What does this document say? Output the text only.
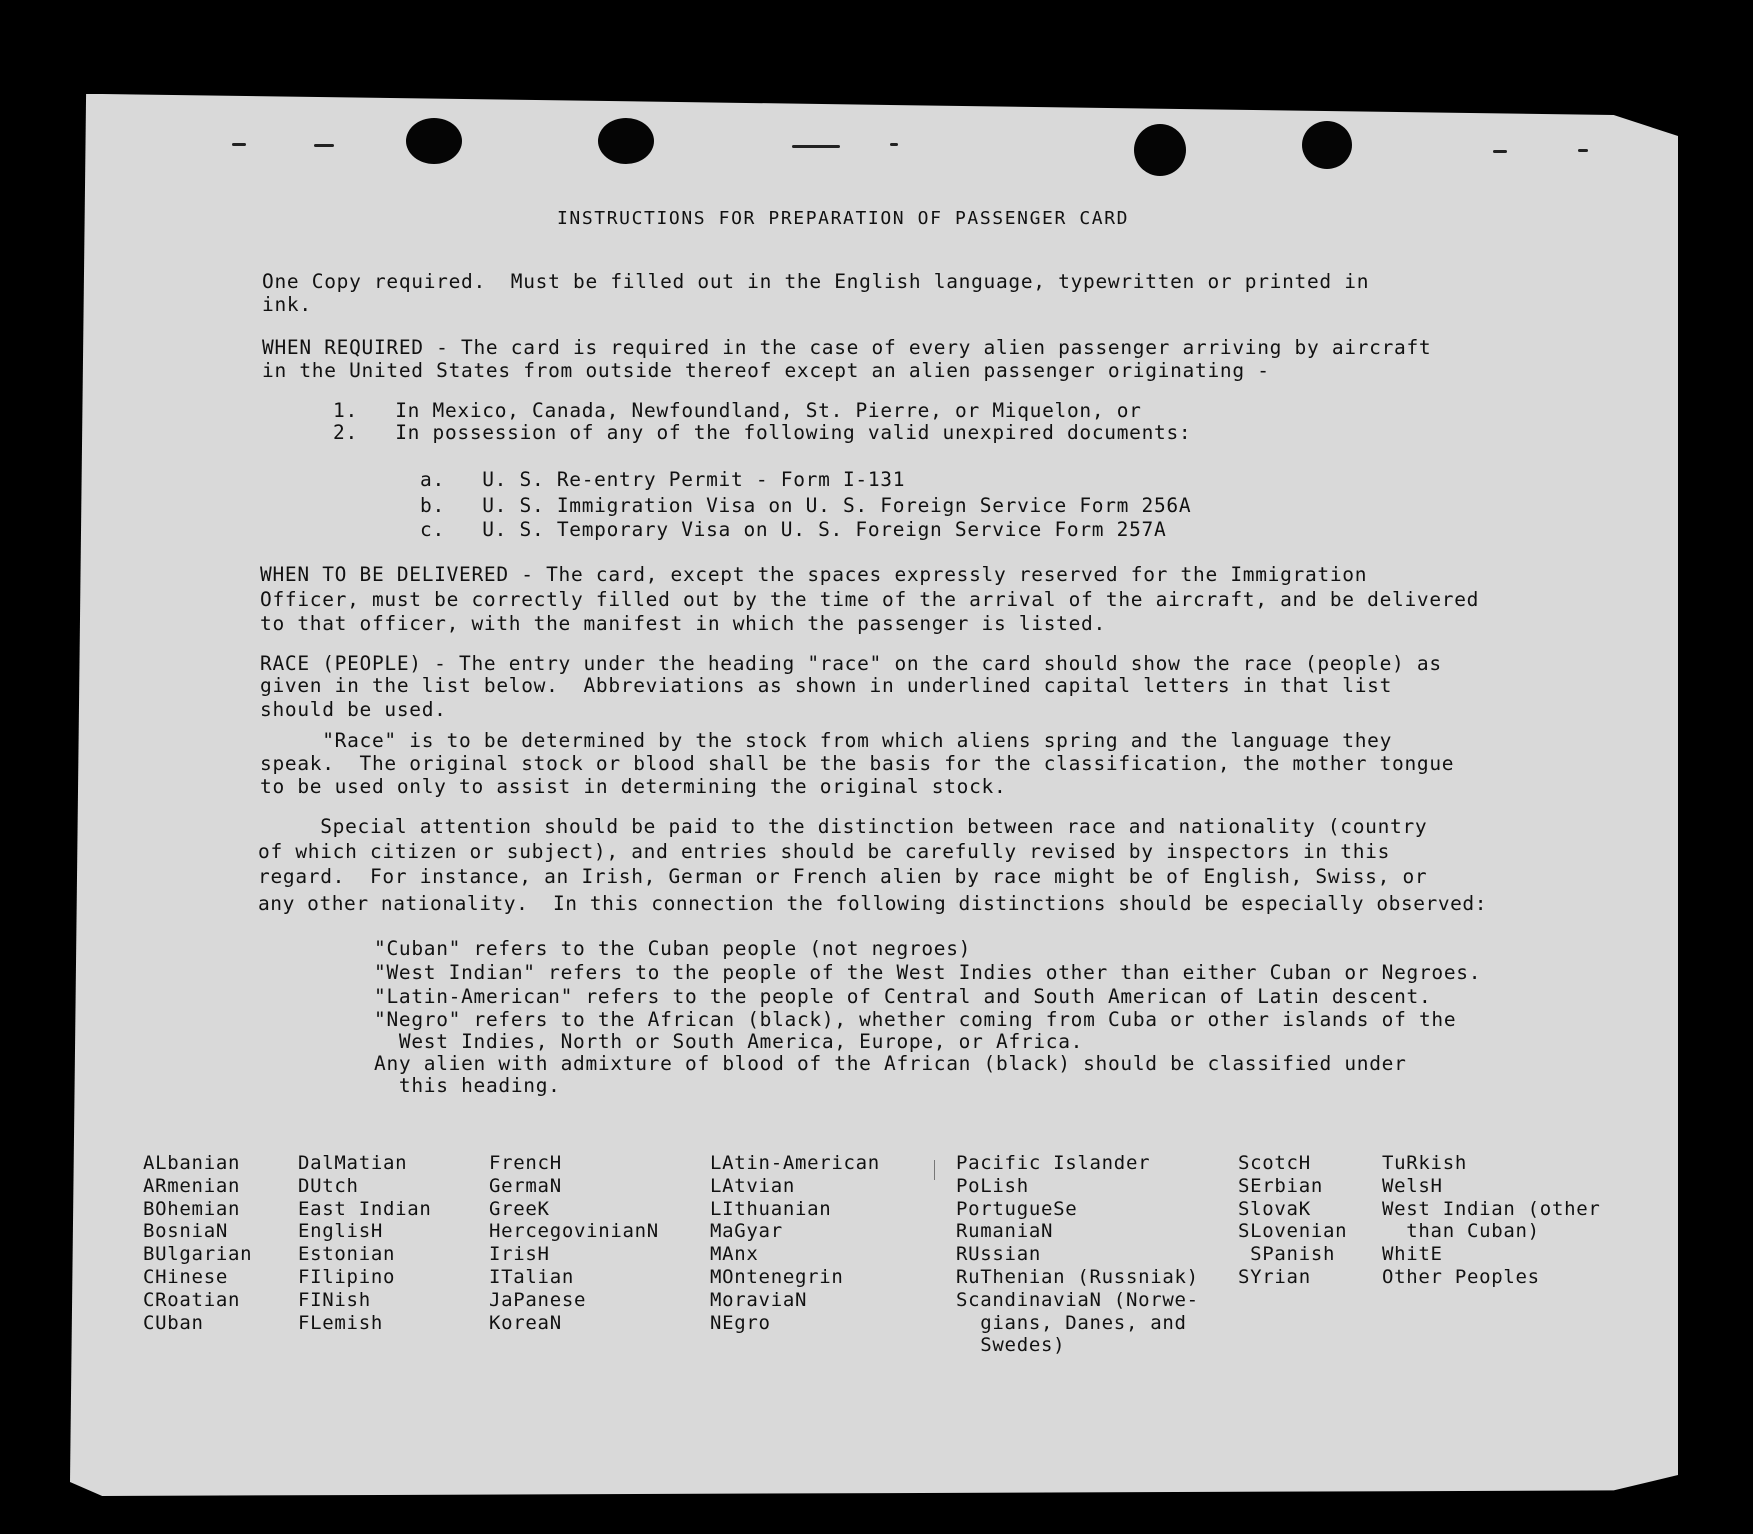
INSTRUCTIONS FOR PREPARATION OF PASSENGER CARD
One Copy required.  Must be filled out in the English language, typewritten or printed in
ink.
WHEN REQUIRED - The card is required in the case of every alien passenger arriving by aircraft
in the United States from outside thereof except an alien passenger originating -
1.   In Mexico, Canada, Newfoundland, St. Pierre, or Miquelon, or
2.   In possession of any of the following valid unexpired documents:
a.   U. S. Re-entry Permit - Form I-131
b.   U. S. Immigration Visa on U. S. Foreign Service Form 256A
c.   U. S. Temporary Visa on U. S. Foreign Service Form 257A
WHEN TO BE DELIVERED - The card, except the spaces expressly reserved for the Immigration
Officer, must be correctly filled out by the time of the arrival of the aircraft, and be delivered
to that officer, with the manifest in which the passenger is listed.
RACE (PEOPLE) - The entry under the heading "race" on the card should show the race (people) as
given in the list below.  Abbreviations as shown in underlined capital letters in that list
should be used.
"Race" is to be determined by the stock from which aliens spring and the language they
speak.  The original stock or blood shall be the basis for the classification, the mother tongue
to be used only to assist in determining the original stock.
Special attention should be paid to the distinction between race and nationality (country
of which citizen or subject), and entries should be carefully revised by inspectors in this
regard.  For instance, an Irish, German or French alien by race might be of English, Swiss, or
any other nationality.  In this connection the following distinctions should be especially observed:
"Cuban" refers to the Cuban people (not negroes)
"West Indian" refers to the people of the West Indies other than either Cuban or Negroes.
"Latin-American" refers to the people of Central and South American of Latin descent.
"Negro" refers to the African (black), whether coming from Cuba or other islands of the
West Indies, North or South America, Europe, or Africa.
Any alien with admixture of blood of the African (black) should be classified under
this heading.
ALbanian
ARmenian
BOhemian
BosniaN
BUlgarian
CHinese
CRoatian
CUban
DalMatian
DUtch
East Indian
EnglisH
Estonian
FIlipino
FINish
FLemish
FrencH
GermaN
GreeK
HercegovinianN
IrisH
ITalian
JaPanese
KoreaN
LAtin-American
LAtvian
LIthuanian
MaGyar
MAnx
MOntenegrin
MoraviaN
NEgro
Pacific Islander
PoLish
PortugueSe
RumaniaN
RUssian
RuThenian (Russniak)
ScandinaviaN (Norwe-
gians, Danes, and
Swedes)
ScotcH
SErbian
SlovaK
SLovenian
SPanish
SYrian
TuRkish
WelsH
West Indian (other
than Cuban)
WhitE
Other Peoples
